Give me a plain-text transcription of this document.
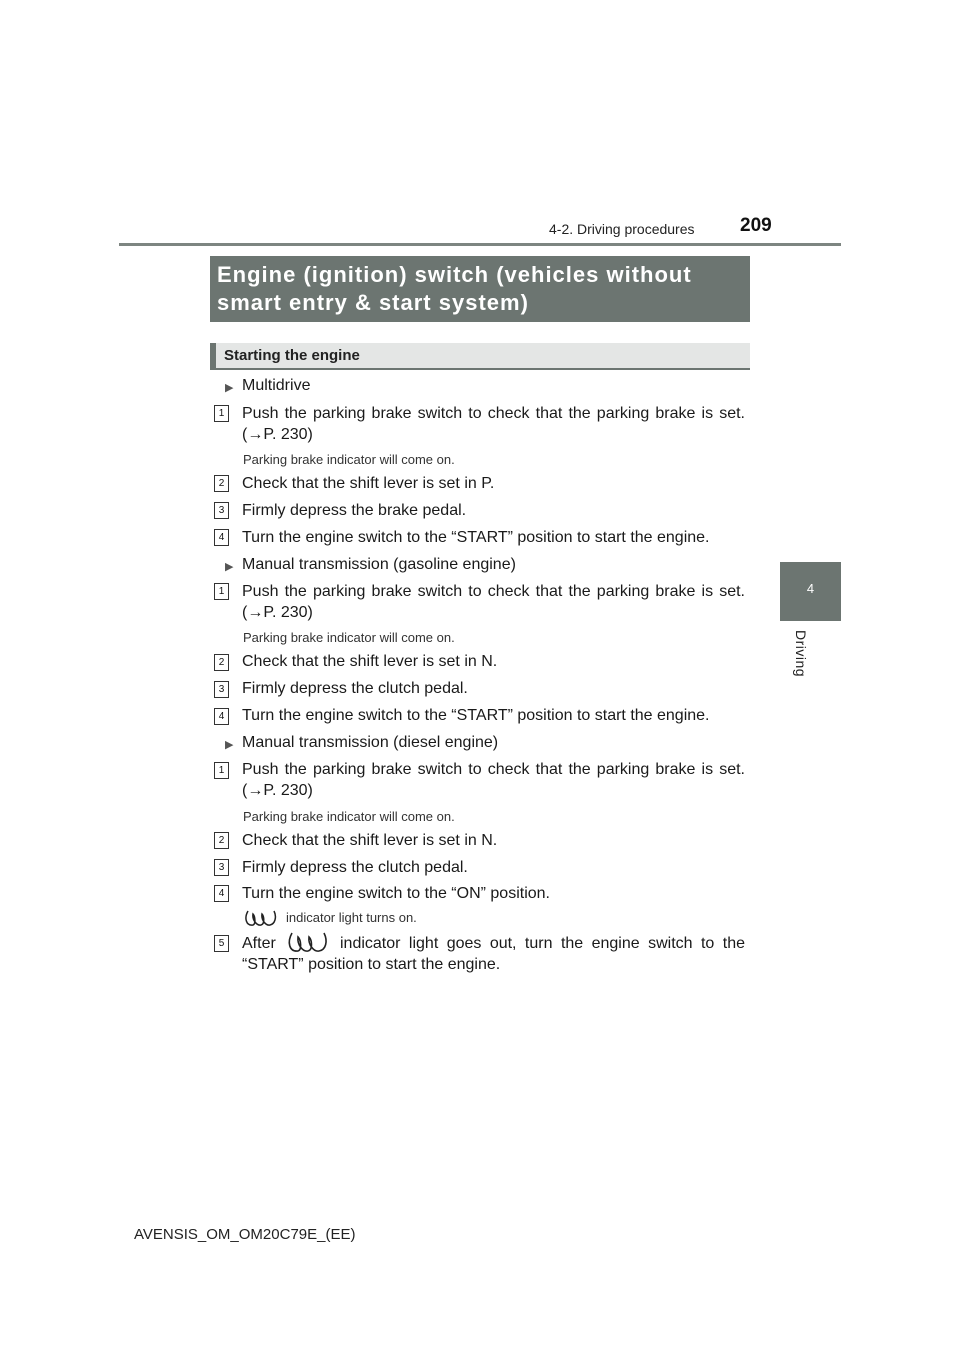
4-2. Driving procedures 209
4
Driving
Engine (ignition) switch (vehicles without smart entry & start system)
Starting the engine
▶ Multidrive
1 Push the parking brake switch to check that the parking brake is set. (→P. 230)
Parking brake indicator will come on.
2 Check that the shift lever is set in P.
3 Firmly depress the brake pedal.
4 Turn the engine switch to the “START” position to start the engine.
▶ Manual transmission (gasoline engine)
1 Push the parking brake switch to check that the parking brake is set. (→P. 230)
Parking brake indicator will come on.
2 Check that the shift lever is set in N.
3 Firmly depress the clutch pedal.
4 Turn the engine switch to the “START” position to start the engine.
▶ Manual transmission (diesel engine)
1 Push the parking brake switch to check that the parking brake is set. (→P. 230)
Parking brake indicator will come on.
2 Check that the shift lever is set in N.
3 Firmly depress the clutch pedal.
4 Turn the engine switch to the “ON” position.
indicator light turns on.
5 After	indicator light goes out, turn the engine switch to the “START” position to start the engine.
AVENSIS_OM_OM20C79E_(EE)
